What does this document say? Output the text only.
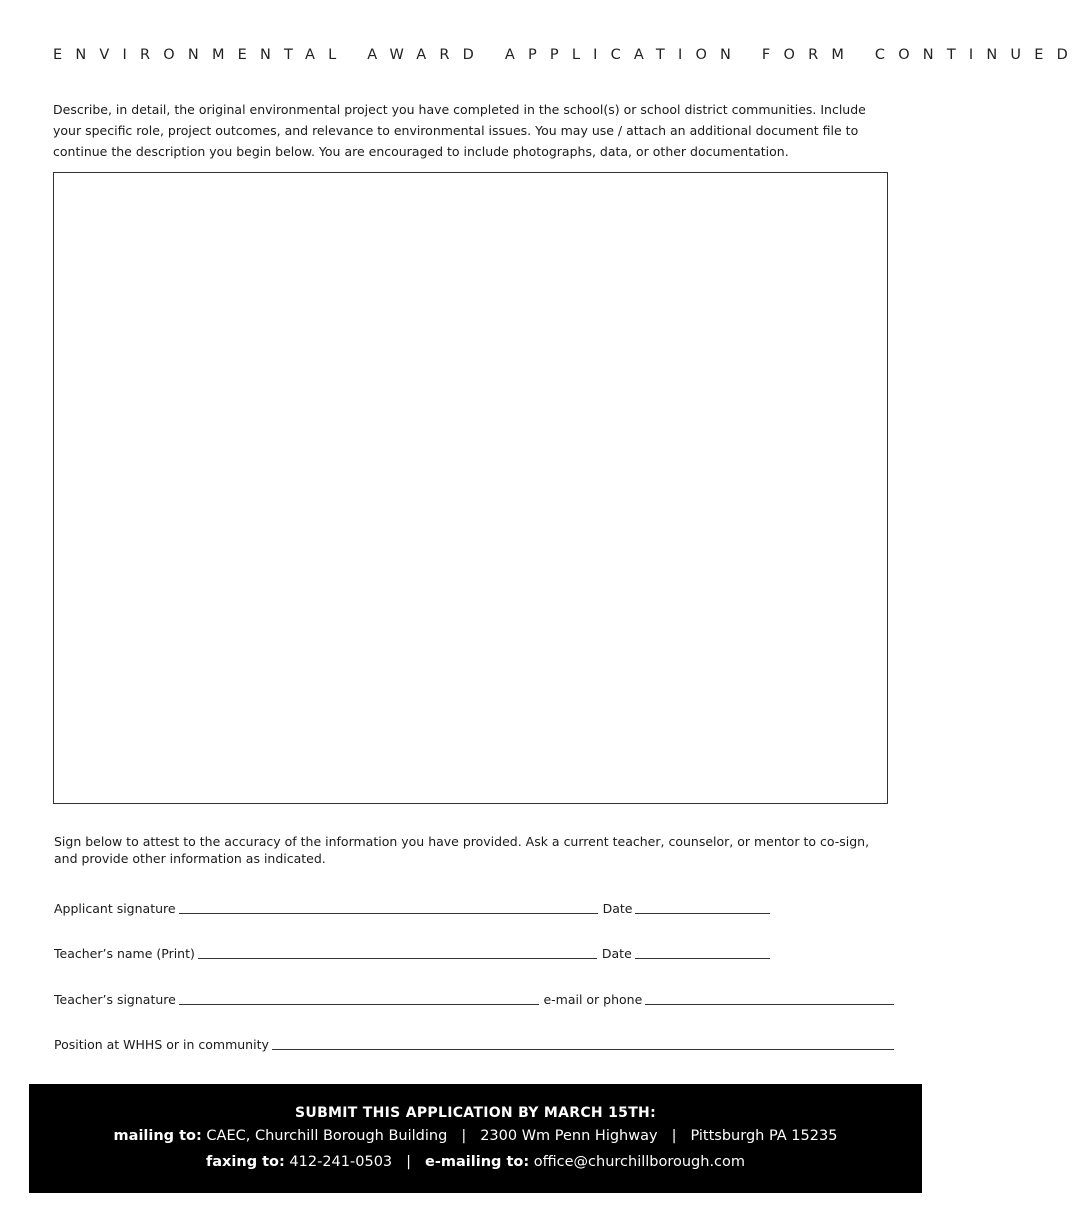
ENVIRONMENTAL AWARD APPLICATION FORM CONTINUED
Describe, in detail, the original environmental project you have completed in the school(s) or school district communities. Include your specific role, project outcomes, and relevance to environmental issues. You may use / attach an additional document file to continue the description you begin below. You are encouraged to include photographs, data, or other documentation.
Sign below to attest to the accuracy of the information you have provided. Ask a current teacher, counselor, or mentor to co-sign,
and provide other information as indicated.
Applicant signature	Date
Teacher’s name (Print)	Date
Teacher’s signature	e-mail or phone
Position at WHHS or in community
SUBMIT THIS APPLICATION BY MARCH 15TH:
mailing to: CAEC, Churchill Borough Building | 2300 Wm Penn Highway | Pittsburgh PA 15235
faxing to: 412-241-0503 | e-mailing to: office@churchillborough.com
